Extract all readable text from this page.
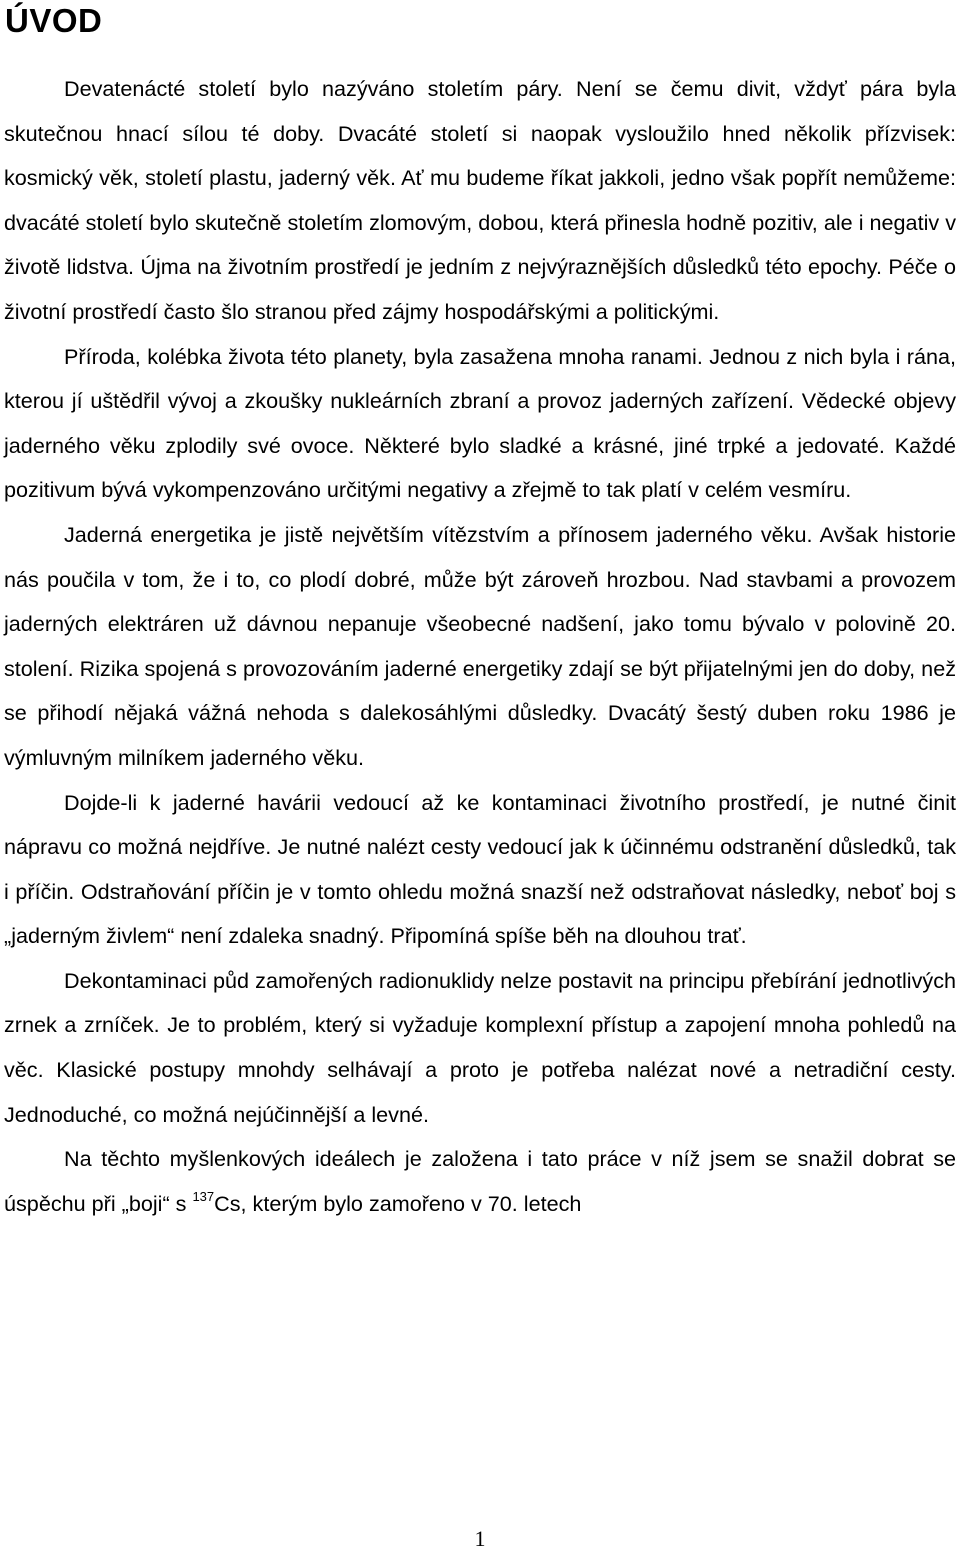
ÚVOD

Devatenácté století bylo nazýváno stoletím páry. Není se čemu divit, vždyť pára byla skutečnou hnací sílou té doby. Dvacáté století si naopak vysloužilo hned několik přízvisek: kosmický věk, století plastu, jaderný věk. Ať mu budeme říkat jakkoli, jedno však popřít nemůžeme: dvacáté století bylo skutečně stoletím zlomovým, dobou, která přinesla hodně pozitiv, ale i negativ v životě lidstva. Újma na životním prostředí je jedním z nejvýraznějších důsledků této epochy. Péče o životní prostředí často šlo stranou před zájmy hospodářskými a politickými.

Příroda, kolébka života této planety, byla zasažena mnoha ranami. Jednou z nich byla i rána, kterou jí uštědřil vývoj a zkoušky nukleárních zbraní a provoz jaderných zařízení. Vědecké objevy jaderného věku zplodily své ovoce. Některé bylo sladké a krásné, jiné trpké a jedovaté. Každé pozitivum bývá vykompenzováno určitými negativy a zřejmě to tak platí v celém vesmíru.

Jaderná energetika je jistě největším vítězstvím a přínosem jaderného věku. Avšak historie nás poučila v tom, že i to, co plodí dobré, může být zároveň hrozbou. Nad stavbami a provozem jaderných elektráren už dávnou nepanuje všeobecné nadšení, jako tomu bývalo v polovině 20. stolení. Rizika spojená s provozováním jaderné energetiky zdají se být přijatelnými jen do doby, než se přihodí nějaká vážná nehoda s dalekosáhlými důsledky. Dvacátý šestý duben roku 1986 je výmluvným milníkem jaderného věku.

Dojde-li k jaderné havárii vedoucí až ke kontaminaci životního prostředí, je nutné činit nápravu co možná nejdříve. Je nutné nalézt cesty vedoucí jak k účinnému odstranění důsledků, tak i příčin. Odstraňování příčin je v tomto ohledu možná snazší než odstraňovat následky, neboť boj s „jaderným živlem“ není zdaleka snadný. Připomíná spíše běh na dlouhou trať.

Dekontaminaci půd zamořených radionuklidy nelze postavit na principu přebírání jednotlivých zrnek a zrníček. Je to problém, který si vyžaduje komplexní přístup a zapojení mnoha pohledů na věc. Klasické postupy mnohdy selhávají a proto je potřeba nalézat nové a netradiční cesty. Jednoduché, co možná nejúčinnější a levné.

Na těchto myšlenkových ideálech je založena i tato práce v níž jsem se snažil dobrat se úspěchu při „boji“ s $^{137}$Cs, kterým bylo zamořeno v 70. letech

1
